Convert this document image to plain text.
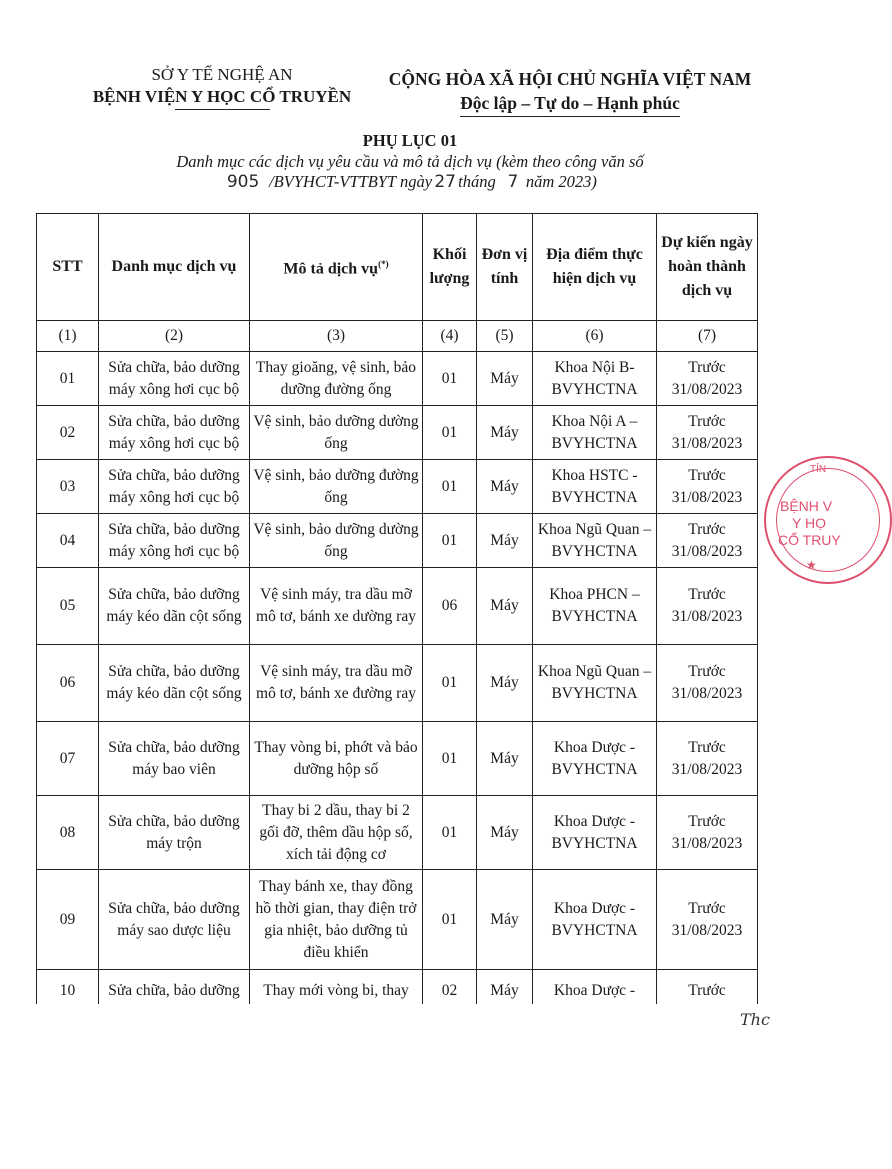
SỞ Y TẾ NGHỆ AN
BỆNH VIỆN Y HỌC CỔ TRUYỀN
CỘNG HÒA XÃ HỘI CHỦ NGHĨA VIỆT NAM
Độc lập – Tự do – Hạnh phúc
PHỤ LỤC 01
Danh mục các dịch vụ yêu cầu và mô tả dịch vụ (kèm theo công văn số
905 /BVYHCT-VTTBYT ngày 27 tháng 7 năm 2023)
STT	Danh mục dịch vụ	Mô tả dịch vụ(*)	Khối lượng	Đơn vị tính	Địa điểm thực hiện dịch vụ	Dự kiến ngày hoàn thành dịch vụ
(1)	(2)	(3)	(4)	(5)	(6)	(7)
01	Sửa chữa, bảo dưỡng máy xông hơi cục bộ	Thay gioăng, vệ sinh, bảo dưỡng đường ống	01	Máy	Khoa Nội B-BVYHCTNA	Trước 31/08/2023
02	Sửa chữa, bảo dưỡng máy xông hơi cục bộ	Vệ sinh, bảo dưỡng dường ống	01	Máy	Khoa Nội A – BVYHCTNA	Trước 31/08/2023
03	Sửa chữa, bảo dưỡng máy xông hơi cục bộ	Vệ sinh, bảo dưỡng đường ống	01	Máy	Khoa HSTC - BVYHCTNA	Trước 31/08/2023
04	Sửa chữa, bảo dưỡng máy xông hơi cục bộ	Vệ sinh, bảo dưỡng dường ống	01	Máy	Khoa Ngũ Quan – BVYHCTNA	Trước 31/08/2023
05	Sửa chữa, bảo dưỡng máy kéo dãn cột sống	Vệ sinh máy, tra dầu mỡ mô tơ, bánh xe dường ray	06	Máy	Khoa PHCN – BVYHCTNA	Trước 31/08/2023
06	Sửa chữa, bảo dưỡng máy kéo dãn cột sống	Vệ sinh máy, tra dầu mỡ mô tơ, bánh xe đường ray	01	Máy	Khoa Ngũ Quan – BVYHCTNA	Trước 31/08/2023
07	Sửa chữa, bảo dưỡng máy bao viên	Thay vòng bi, phớt và bảo dưỡng hộp số	01	Máy	Khoa Dược - BVYHCTNA	Trước 31/08/2023
08	Sửa chữa, bảo dưỡng máy trộn	Thay bi 2 dầu, thay bi 2 gối đỡ, thêm dầu hộp số, xích tải động cơ	01	Máy	Khoa Dược - BVYHCTNA	Trước 31/08/2023
09	Sửa chữa, bảo dưỡng máy sao dược liệu	Thay bánh xe, thay đồng hồ thời gian, thay điện trở gia nhiệt, bảo dưỡng tủ điều khiển	01	Máy	Khoa Dược - BVYHCTNA	Trước 31/08/2023
10	Sửa chữa, bảo dưỡng	Thay mới vòng bi, thay	02	Máy	Khoa Dược -	Trước
TỈN
BỆNH V
Y HỌ
CỔ TRUY
★
Thc
